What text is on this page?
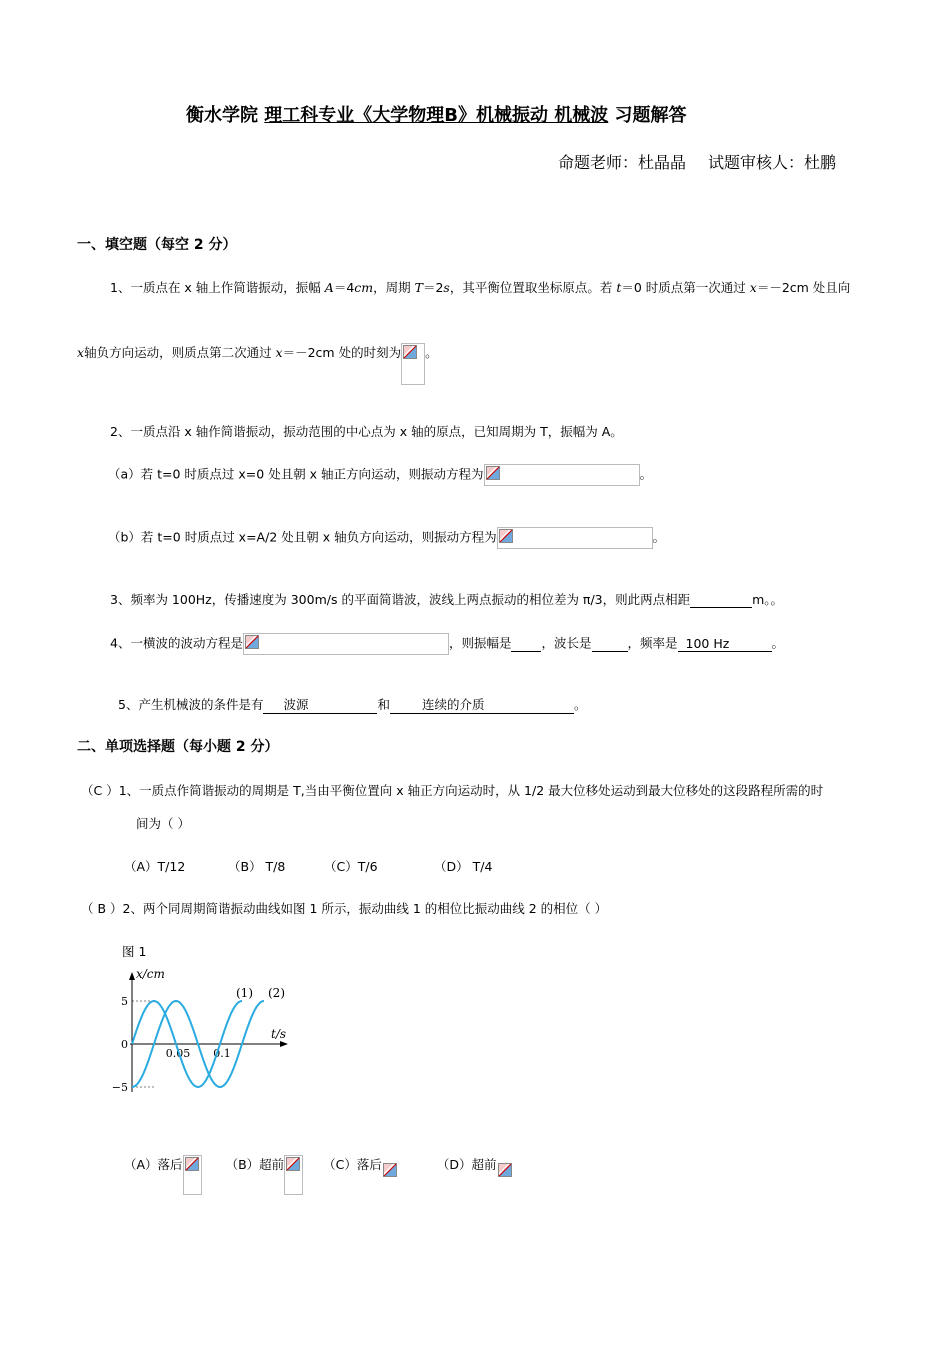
衡水学院 理工科专业《大学物理B》机械振动 机械波 习题解答
命题老师：杜晶晶 试题审核人：杜鹏
一、填空题（每空 2 分）
1、一质点在 x 轴上作简谐振动，振幅 A＝4cm，周期 T＝2s，其平衡位置取坐标原点。若 t＝0 时质点第一次通过 x＝－2cm 处且向
x轴负方向运动，则质点第二次通过 x＝－2cm 处的时刻为 。
2、一质点沿 x 轴作简谐振动，振动范围的中心点为 x 轴的原点，已知周期为 T，振幅为 A。
（a）若 t=0 时质点过 x=0 处且朝 x 轴正方向运动，则振动方程为	。
（b）若 t=0 时质点过 x=A/2 处且朝 x 轴负方向运动，则振动方程为	。
3、频率为 100Hz，传播速度为 300m/s 的平面简谐波，波线上两点振动的相位差为 π/3，则此两点相距	m。。
4、一横波的波动方程是	，则振幅是 ，波长是	，频率是 100 Hz	。
5、产生机械波的条件是有 波源	和	连续的介质	。
二、单项选择题（每小题 2 分）
（C ）1、一质点作简谐振动的周期是 T,当由平衡位置向 x 轴正方向运动时，从 1/2 最大位移处运动到最大位移处的这段路程所需的时
间为（ ）
（A）T/12	（B） T/8	（C）T/6	（D） T/4
（ B ）2、两个同周期简谐振动曲线如图 1 所示，振动曲线 1 的相位比振动曲线 2 的相位（ ）
图 1
x/cm
t/s
5
0
−5
0.05 0.1
(1) (2)
（A）落后	（B）超前	（C）落后	（D）超前
